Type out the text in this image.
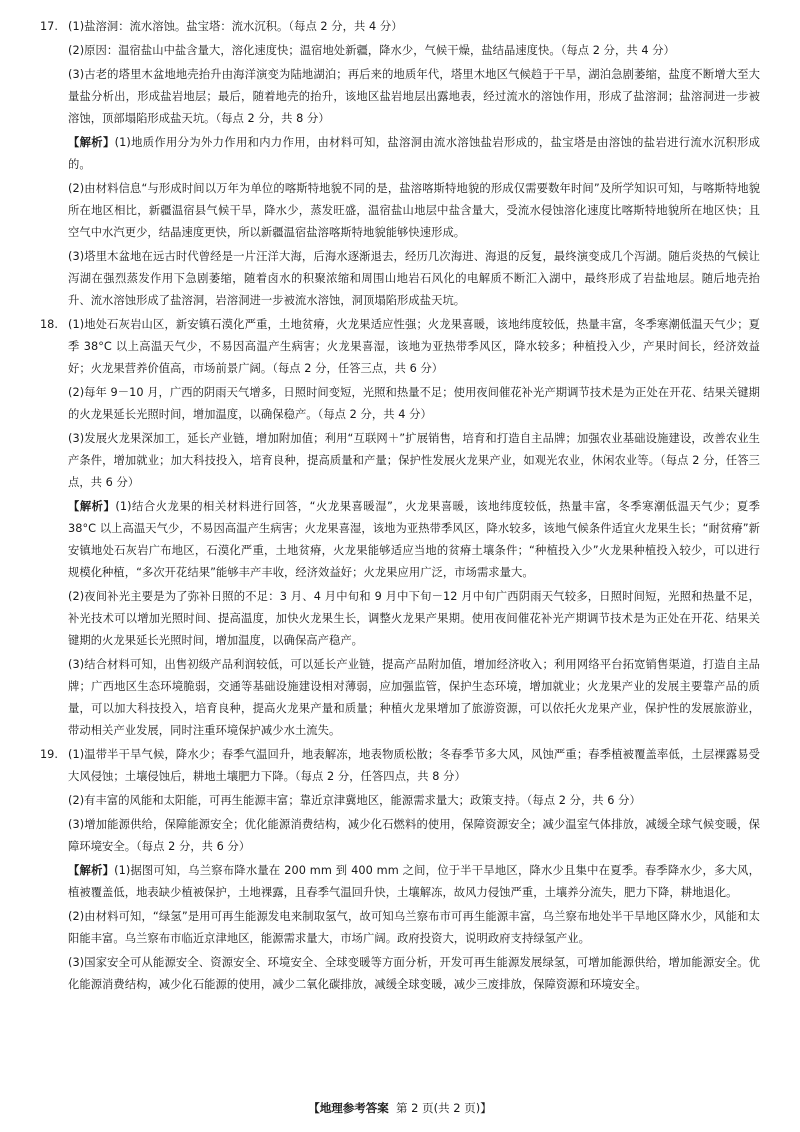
17. (1)盐溶洞：流水溶蚀。盐宝塔：流水沉积。（每点 2 分，共 4 分）

(2)原因：温宿盐山中盐含量大，溶化速度快；温宿地处新疆，降水少，气候干燥，盐结晶速度快。（每点 2 分，共 4 分）

(3)古老的塔里木盆地地壳抬升由海洋演变为陆地湖泊；再后来的地质年代，塔里木地区气候趋于干旱，湖泊急剧萎缩，盐度不断增大至大量盐分析出，形成盐岩地层；最后，随着地壳的抬升，该地区盐岩地层出露地表，经过流水的溶蚀作用，形成了盐溶洞；盐溶洞进一步被溶蚀，顶部塌陷形成盐天坑。（每点 2 分，共 8 分）

【解析】(1)地质作用分为外力作用和内力作用，由材料可知，盐溶洞由流水溶蚀盐岩形成的，盐宝塔是由溶蚀的盐岩进行流水沉积形成的。

(2)由材料信息“与形成时间以万年为单位的喀斯特地貌不同的是，盐溶喀斯特地貌的形成仅需要数年时间”及所学知识可知，与喀斯特地貌所在地区相比，新疆温宿县气候干旱，降水少，蒸发旺盛，温宿盐山地层中盐含量大，受流水侵蚀溶化速度比喀斯特地貌所在地区快；且空气中水汽更少，结晶速度更快，所以新疆温宿盐溶喀斯特地貌能够快速形成。

(3)塔里木盆地在远古时代曾经是一片汪洋大海，后海水逐渐退去，经历几次海进、海退的反复，最终演变成几个泻湖。随后炎热的气候让泻湖在强烈蒸发作用下急剧萎缩，随着卤水的积聚浓缩和周围山地岩石风化的电解质不断汇入湖中，最终形成了岩盐地层。随后地壳抬升、流水溶蚀形成了盐溶洞，岩溶洞进一步被流水溶蚀，洞顶塌陷形成盐天坑。

18. (1)地处石灰岩山区，新安镇石漠化严重，土地贫瘠，火龙果适应性强；火龙果喜暖，该地纬度较低，热量丰富，冬季寒潮低温天气少；夏季 38°C 以上高温天气少，不易因高温产生病害；火龙果喜湿，该地为亚热带季风区，降水较多；种植投入少，产果时间长，经济效益好；火龙果营养价值高，市场前景广阔。（每点 2 分，任答三点，共 6 分）

(2)每年 9－10 月，广西的阴雨天气增多，日照时间变短，光照和热量不足；使用夜间催花补光产期调节技术是为正处在开花、结果关键期的火龙果延长光照时间，增加温度，以确保稳产。（每点 2 分，共 4 分）

(3)发展火龙果深加工，延长产业链，增加附加值；利用“互联网＋”扩展销售，培育和打造自主品牌；加强农业基础设施建设，改善农业生产条件，增加就业；加大科技投入，培育良种，提高质量和产量；保护性发展火龙果产业，如观光农业，休闲农业等。（每点 2 分，任答三点，共 6 分）

【解析】(1)结合火龙果的相关材料进行回答，“火龙果喜暖湿”，火龙果喜暖，该地纬度较低，热量丰富，冬季寒潮低温天气少；夏季 38°C 以上高温天气少，不易因高温产生病害；火龙果喜湿，该地为亚热带季风区，降水较多，该地气候条件适宜火龙果生长；“耐贫瘠”新安镇地处石灰岩广布地区，石漠化严重，土地贫瘠，火龙果能够适应当地的贫瘠土壤条件；“种植投入少”火龙果种植投入较少，可以进行规模化种植，“多次开花结果”能够丰产丰收，经济效益好；火龙果应用广泛，市场需求量大。

(2)夜间补光主要是为了弥补日照的不足：3 月、4 月中旬和 9 月中下旬－12 月中旬广西阴雨天气较多，日照时间短，光照和热量不足，补光技术可以增加光照时间、提高温度，加快火龙果生长，调整火龙果产果期。使用夜间催花补光产期调节技术是为正处在开花、结果关键期的火龙果延长光照时间，增加温度，以确保高产稳产。

(3)结合材料可知，出售初级产品利润较低，可以延长产业链，提高产品附加值，增加经济收入；利用网络平台拓宽销售渠道，打造自主品牌；广西地区生态环境脆弱，交通等基础设施建设相对薄弱，应加强监管，保护生态环境，增加就业；火龙果产业的发展主要靠产品的质量，可以加大科技投入，培育良种，提高火龙果产量和质量；种植火龙果增加了旅游资源，可以依托火龙果产业，保护性的发展旅游业，带动相关产业发展，同时注重环境保护减少水土流失。

19. (1)温带半干旱气候，降水少；春季气温回升，地表解冻，地表物质松散；冬春季节多大风，风蚀严重；春季植被覆盖率低，土层裸露易受大风侵蚀；土壤侵蚀后，耕地土壤肥力下降。（每点 2 分，任答四点，共 8 分）

(2)有丰富的风能和太阳能，可再生能源丰富；靠近京津冀地区，能源需求量大；政策支持。（每点 2 分，共 6 分）

(3)增加能源供给，保障能源安全；优化能源消费结构，减少化石燃料的使用，保障资源安全；减少温室气体排放，减缓全球气候变暖，保障环境安全。（每点 2 分，共 6 分）

【解析】(1)据图可知，乌兰察布降水量在 200 mm 到 400 mm 之间，位于半干旱地区，降水少且集中在夏季。春季降水少，多大风，植被覆盖低，地表缺少植被保护，土地裸露，且春季气温回升快，土壤解冻，故风力侵蚀严重，土壤养分流失，肥力下降，耕地退化。

(2)由材料可知，“绿氢”是用可再生能源发电来制取氢气，故可知乌兰察布市可再生能源丰富，乌兰察布地处半干旱地区降水少，风能和太阳能丰富。乌兰察布市临近京津地区，能源需求量大，市场广阔。政府投资大，说明政府支持绿氢产业。

(3)国家安全可从能源安全、资源安全、环境安全、全球变暖等方面分析，开发可再生能源发展绿氢，可增加能源供给，增加能源安全。优化能源消费结构，减少化石能源的使用，减少二氧化碳排放，减缓全球变暖，减少三废排放，保障资源和环境安全。

【地理参考答案 第 2 页(共 2 页)】
